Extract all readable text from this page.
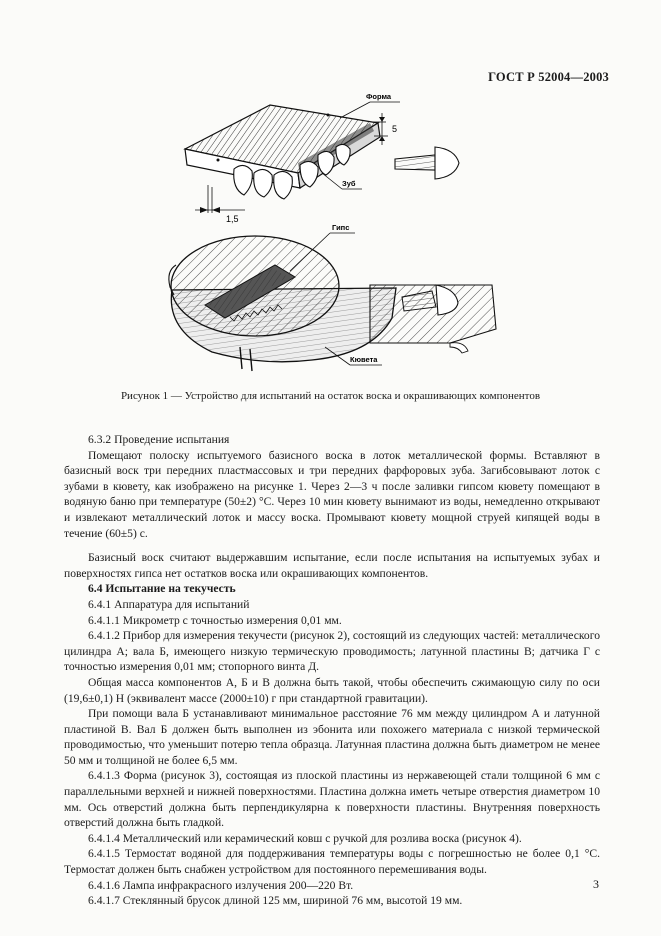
ГОСТ Р 52004—2003
5
1,5
Форма
Зуб
Гипс
Кювета
Рисунок 1 — Устройство для испытаний на остаток воска и окрашивающих компонентов

6.3.2 Проведение испытания

Помещают полоску испытуемого базисного воска в лоток металлической формы. Вставляют в базисный воск три передних пластмассовых и три передних фарфоровых зуба. Загибсовывают лоток с зубами в кювету, как изображено на рисунке 1. Через 2—3 ч после заливки гипсом кювету помещают в водяную баню при температуре (50±2) °С. Через 10 мин кювету вынимают из воды, немедленно открывают и извлекают металлический лоток и массу воска. Промывают кювету мощной струей кипящей воды в течение (60±5) с.

Базисный воск считают выдержавшим испытание, если после испытания на испытуемых зубах и поверхностях гипса нет остатков воска или окрашивающих компонентов.

6.4 Испытание на текучесть

6.4.1 Аппаратура для испытаний

6.4.1.1 Микрометр с точностью измерения 0,01 мм.

6.4.1.2 Прибор для измерения текучести (рисунок 2), состоящий из следующих частей: металлического цилиндра А; вала Б, имеющего низкую термическую проводимость; латунной пластины В; датчика Г с точностью измерения 0,01 мм; стопорного винта Д.

Общая масса компонентов А, Б и В должна быть такой, чтобы обеспечить сжимающую силу по оси (19,6±0,1) Н (эквивалент массе (2000±10) г при стандартной гравитации).

При помощи вала Б устанавливают минимальное расстояние 76 мм между цилиндром А и латунной пластиной В. Вал Б должен быть выполнен из эбонита или похожего материала с низкой термической проводимостью, что уменьшит потерю тепла образца. Латунная пластина должна быть диаметром не менее 50 мм и толщиной не более 6,5 мм.

6.4.1.3 Форма (рисунок 3), состоящая из плоской пластины из нержавеющей стали толщиной 6 мм с параллельными верхней и нижней поверхностями. Пластина должна иметь четыре отверстия диаметром 10 мм. Ось отверстий должна быть перпендикулярна к поверхности пластины. Внутренняя поверхность отверстий должна быть гладкой.

6.4.1.4 Металлический или керамический ковш с ручкой для розлива воска (рисунок 4).

6.4.1.5 Термостат водяной для поддерживания температуры воды с погрешностью не более 0,1 °С. Термостат должен быть снабжен устройством для постоянного перемешивания воды.

6.4.1.6 Лампа инфракрасного излучения 200—220 Вт.

6.4.1.7 Стеклянный брусок длиной 125 мм, шириной 76 мм, высотой 19 мм.

3
